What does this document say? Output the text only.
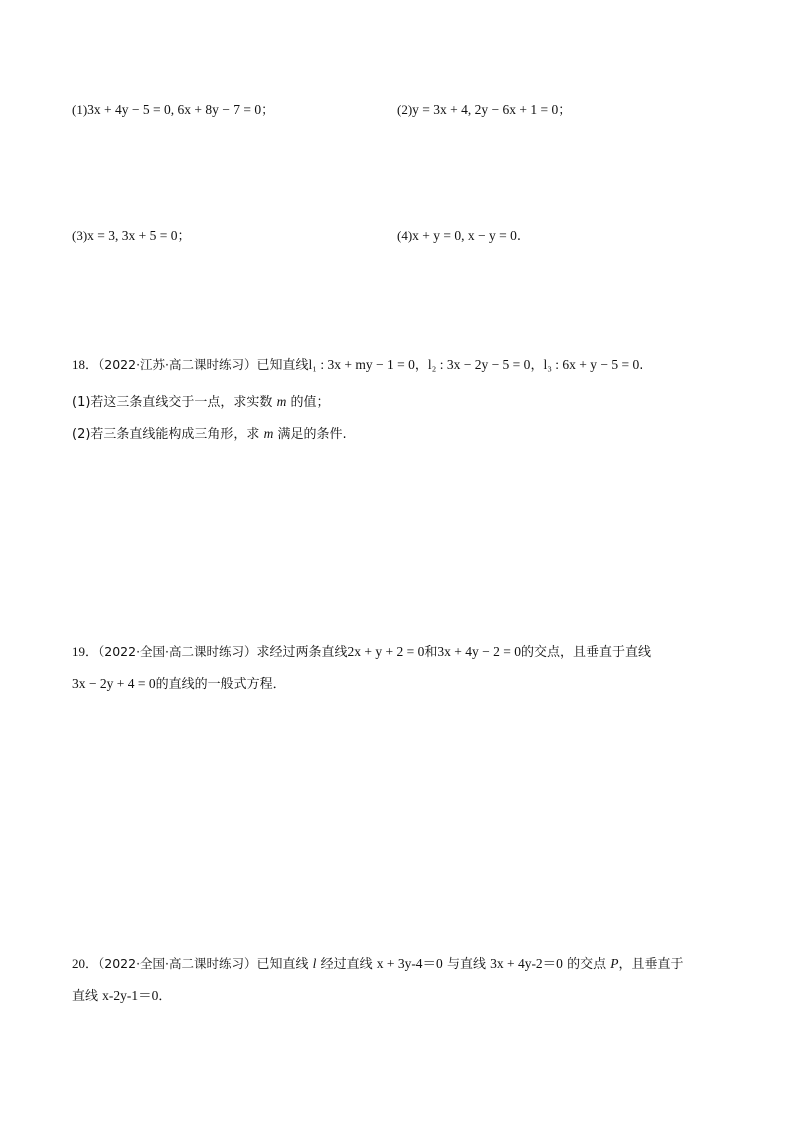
(1)3x + 4y − 5 = 0, 6x + 8y − 7 = 0；	(2)y = 3x + 4, 2y − 6x + 1 = 0；
(3)x = 3, 3x + 5 = 0；	(4)x + y = 0, x − y = 0.
18．（2022·江苏·高二课时练习）已知直线l₁ : 3x + my − 1 = 0，l₂ : 3x − 2y − 5 = 0，l₃ : 6x + y − 5 = 0.
(1)若这三条直线交于一点，求实数 m 的值；
(2)若三条直线能构成三角形，求 m 满足的条件.
19．（2022·全国·高二课时练习）求经过两条直线2x + y + 2 = 0和3x + 4y − 2 = 0的交点，且垂直于直线
3x − 2y + 4 = 0的直线的一般式方程．
20．（2022·全国·高二课时练习）已知直线 l 经过直线 x + 3y-4＝0 与直线 3x + 4y-2＝0 的交点 P，且垂直于
直线 x-2y-1＝0．
